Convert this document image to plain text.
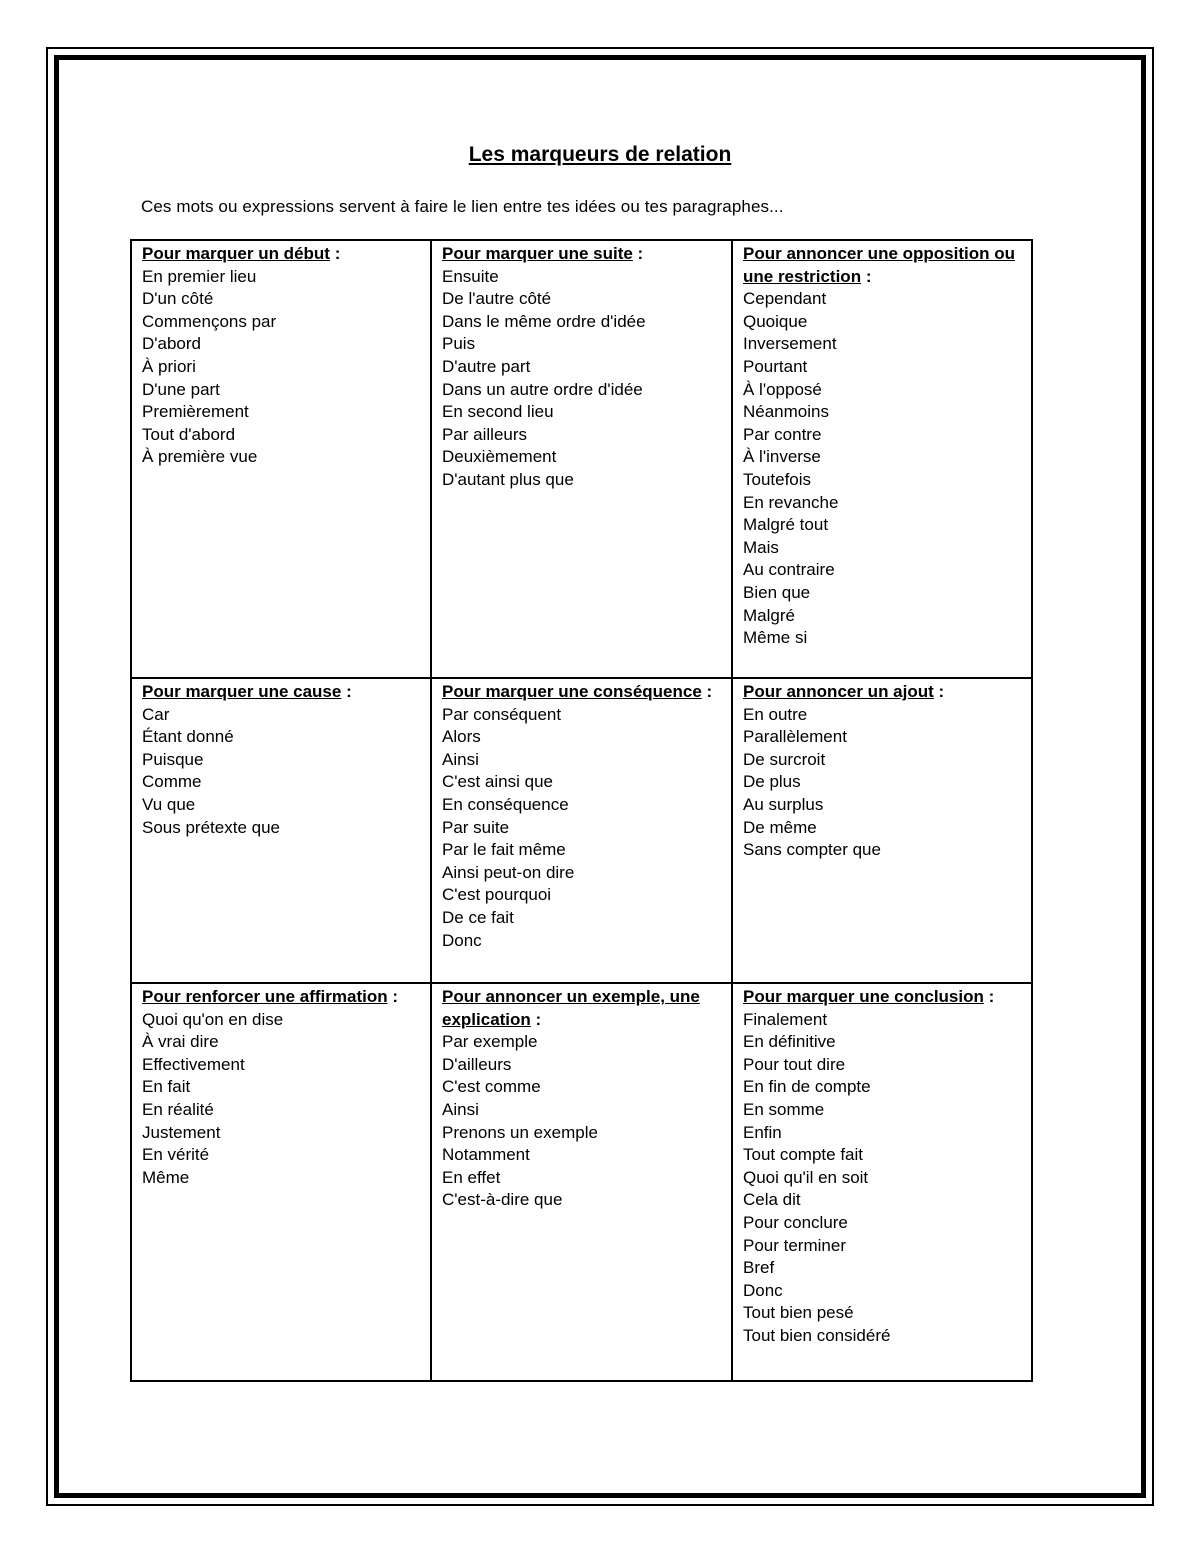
Les marqueurs de relation
Ces mots ou expressions servent à faire le lien entre tes idées ou tes paragraphes...
Pour marquer un début :
En premier lieu
D'un côté
Commençons par
D'abord
À priori
D'une part
Premièrement
Tout d'abord
À première vue
Pour marquer une suite :
Ensuite
De l'autre côté
Dans le même ordre d'idée
Puis
D'autre part
Dans un autre ordre d'idée
En second lieu
Par ailleurs
Deuxièmement
D'autant plus que
Pour annoncer une opposition ou une restriction :
Cependant
Quoique
Inversement
Pourtant
À l'opposé
Néanmoins
Par contre
À l'inverse
Toutefois
En revanche
Malgré tout
Mais
Au contraire
Bien que
Malgré
Même si
Pour marquer une cause :
Car
Étant donné
Puisque
Comme
Vu que
Sous prétexte que
Pour marquer une conséquence :
Par conséquent
Alors
Ainsi
C'est ainsi que
En conséquence
Par suite
Par le fait même
Ainsi peut-on dire
C'est pourquoi
De ce fait
Donc
Pour annoncer un ajout :
En outre
Parallèlement
De surcroit
De plus
Au surplus
De même
Sans compter que
Pour renforcer une affirmation :
Quoi qu'on en dise
À vrai dire
Effectivement
En fait
En réalité
Justement
En vérité
Même
Pour annoncer un exemple, une explication :
Par exemple
D'ailleurs
C'est comme
Ainsi
Prenons un exemple
Notamment
En effet
C'est-à-dire que
Pour marquer une conclusion :
Finalement
En définitive
Pour tout dire
En fin de compte
En somme
Enfin
Tout compte fait
Quoi qu'il en soit
Cela dit
Pour conclure
Pour terminer
Bref
Donc
Tout bien pesé
Tout bien considéré
